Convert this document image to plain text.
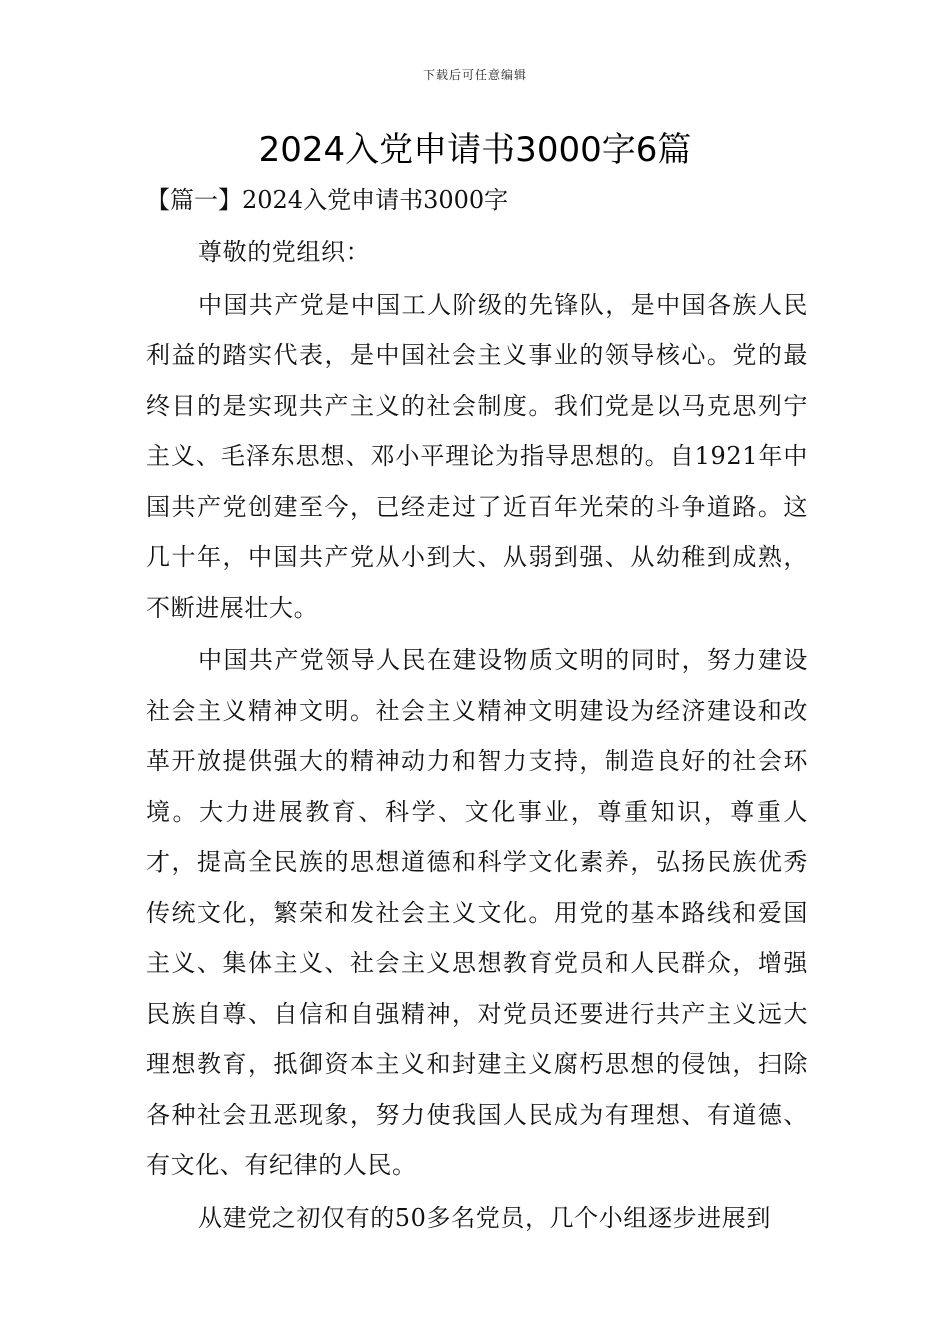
下载后可任意编辑
2024入党申请书3000字6篇
【篇一】2024入党申请书3000字

尊敬的党组织：

中国共产党是中国工人阶级的先锋队，是中国各族人民利益的踏实代表，是中国社会主义事业的领导核心。党的最终目的是实现共产主义的社会制度。我们党是以马克思列宁主义、毛泽东思想、邓小平理论为指导思想的。自1921年中国共产党创建至今，已经走过了近百年光荣的斗争道路。这几十年，中国共产党从小到大、从弱到强、从幼稚到成熟，不断进展壮大。

中国共产党领导人民在建设物质文明的同时，努力建设社会主义精神文明。社会主义精神文明建设为经济建设和改革开放提供强大的精神动力和智力支持，制造良好的社会环境。大力进展教育、科学、文化事业，尊重知识，尊重人才，提高全民族的思想道德和科学文化素养，弘扬民族优秀传统文化，繁荣和发社会主义文化。用党的基本路线和爱国主义、集体主义、社会主义思想教育党员和人民群众，增强民族自尊、自信和自强精神，对党员还要进行共产主义远大理想教育，抵御资本主义和封建主义腐朽思想的侵蚀，扫除各种社会丑恶现象，努力使我国人民成为有理想、有道德、有文化、有纪律的人民。

从建党之初仅有的50多名党员，几个小组逐步进展到
